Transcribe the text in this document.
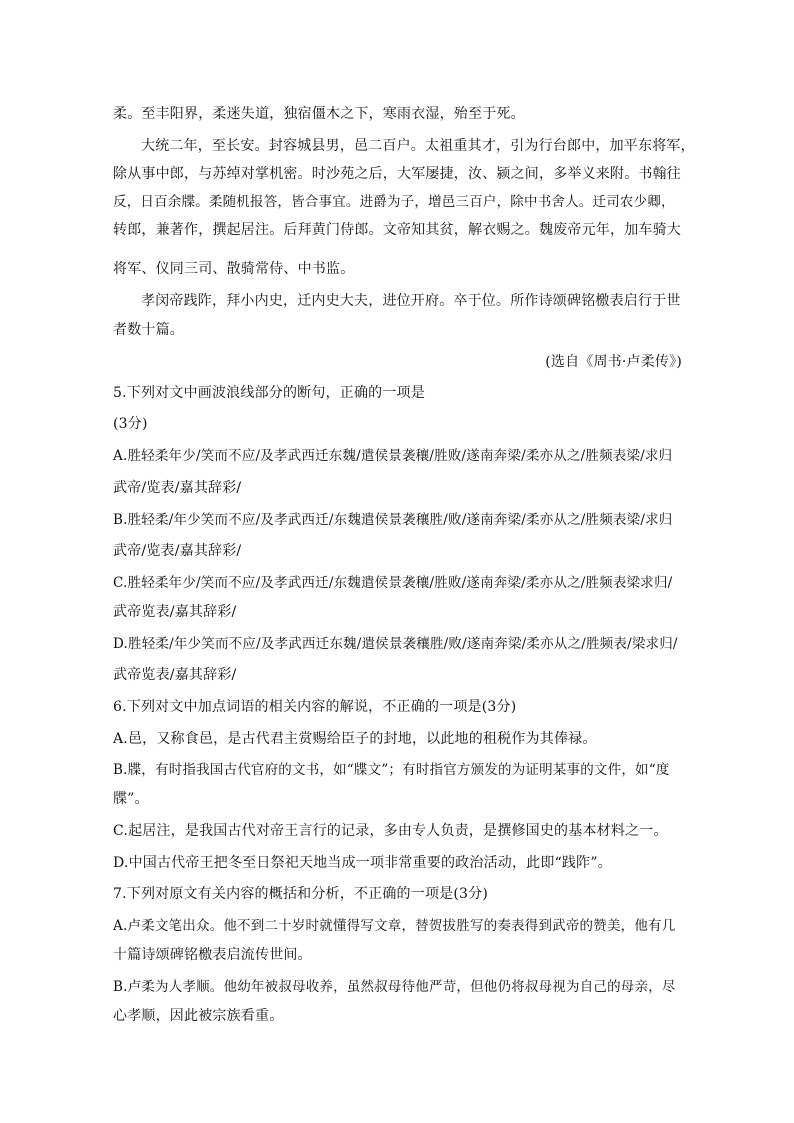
柔。至丰阳界，柔迷失道，独宿僵木之下，寒雨衣湿，殆至于死。
大统二年，至长安。封容城县男，邑二百户。太祖重其才，引为行台郎中，加平东将军，
除从事中郎，与苏绰对掌机密。时沙苑之后，大军屡捷，汝、颍之间，多举义来附。书翰往
反，日百余牒。柔随机报答，皆合事宜。进爵为子，增邑三百户，除中书舍人。迁司农少卿，
转郎，兼著作，撰起居注。后拜黄门侍郎。文帝知其贫，解衣赐之。魏废帝元年，加车骑大
将军、仪同三司、散骑常侍、中书监。
孝闵帝践阼，拜小内史，迁内史大夫，进位开府。卒于位。所作诗颂碑铭檄表启行于世
者数十篇。
(选自《周书·卢柔传》)
5.下列对文中画波浪线部分的断句，正确的一项是
(3分)
A.胜轻柔年少/笑而不应/及孝武西迁东魏/遣侯景袭穰/胜败/遂南奔梁/柔亦从之/胜频表梁/求归
武帝/览表/嘉其辞彩/
B.胜轻柔/年少笑而不应/及孝武西迁/东魏遣侯景袭穰胜/败/遂南奔梁/柔亦从之/胜频表梁/求归
武帝/览表/嘉其辞彩/
C.胜轻柔年少/笑而不应/及孝武西迁/东魏遣侯景袭穰/胜败/遂南奔梁/柔亦从之/胜频表梁求归/
武帝览表/嘉其辞彩/
D.胜轻柔/年少笑而不应/及孝武西迁东魏/遣侯景袭穰胜/败/遂南奔梁/柔亦从之/胜频表/梁求归/
武帝览表/嘉其辞彩/
6.下列对文中加点词语的相关内容的解说，不正确的一项是(3分)
A.邑，又称食邑，是古代君主赏赐给臣子的封地，以此地的租税作为其俸禄。
B.牒，有时指我国古代官府的文书，如“牒文”；有时指官方颁发的为证明某事的文件，如“度
牒”。
C.起居注，是我国古代对帝王言行的记录，多由专人负责，是撰修国史的基本材料之一。
D.中国古代帝王把冬至日祭祀天地当成一项非常重要的政治活动，此即“践阼”。
7.下列对原文有关内容的概括和分析，不正确的一项是(3分)
A.卢柔文笔出众。他不到二十岁时就懂得写文章，替贺拔胜写的奏表得到武帝的赞美，他有几
十篇诗颂碑铭檄表启流传世间。
B.卢柔为人孝顺。他幼年被叔母收养，虽然叔母待他严苛，但他仍将叔母视为自己的母亲，尽
心孝顺，因此被宗族看重。
